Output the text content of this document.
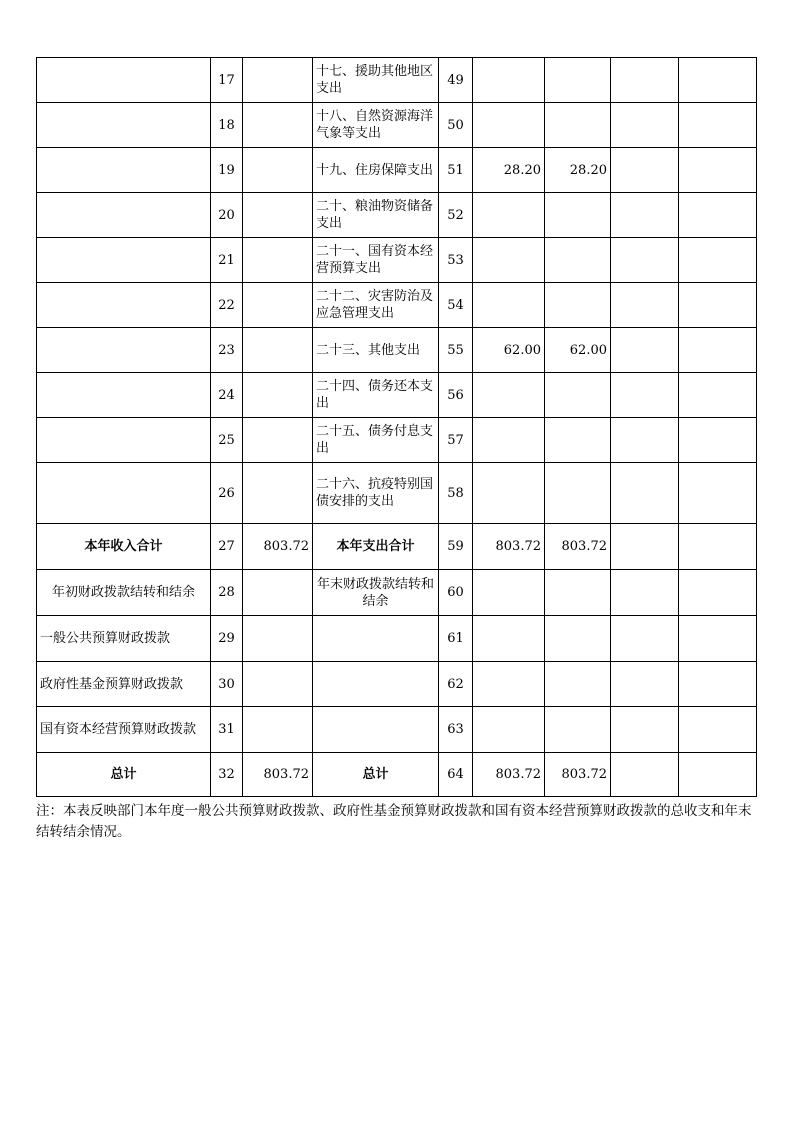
	17		十七、援助其他地区支出	49				
	18		十八、自然资源海洋气象等支出	50				
	19		十九、住房保障支出	51	28.20	28.20		
	20		二十、粮油物资储备支出	52				
	21		二十一、国有资本经营预算支出	53				
	22		二十二、灾害防治及应急管理支出	54				
	23		二十三、其他支出	55	62.00	62.00		
	24		二十四、债务还本支出	56				
	25		二十五、债务付息支出	57				
	26		二十六、抗疫特别国债安排的支出	58				
本年收入合计	27	803.72	本年支出合计	59	803.72	803.72		
年初财政拨款结转和结余	28		年末财政拨款结转和结余	60				
一般公共预算财政拨款	29			61				
政府性基金预算财政拨款	30			62				
国有资本经营预算财政拨款	31			63				
总计	32	803.72	总计	64	803.72	803.72		
注：本表反映部门本年度一般公共预算财政拨款、政府性基金预算财政拨款和国有资本经营预算财政拨款的总收支和年末结转结余情况。
